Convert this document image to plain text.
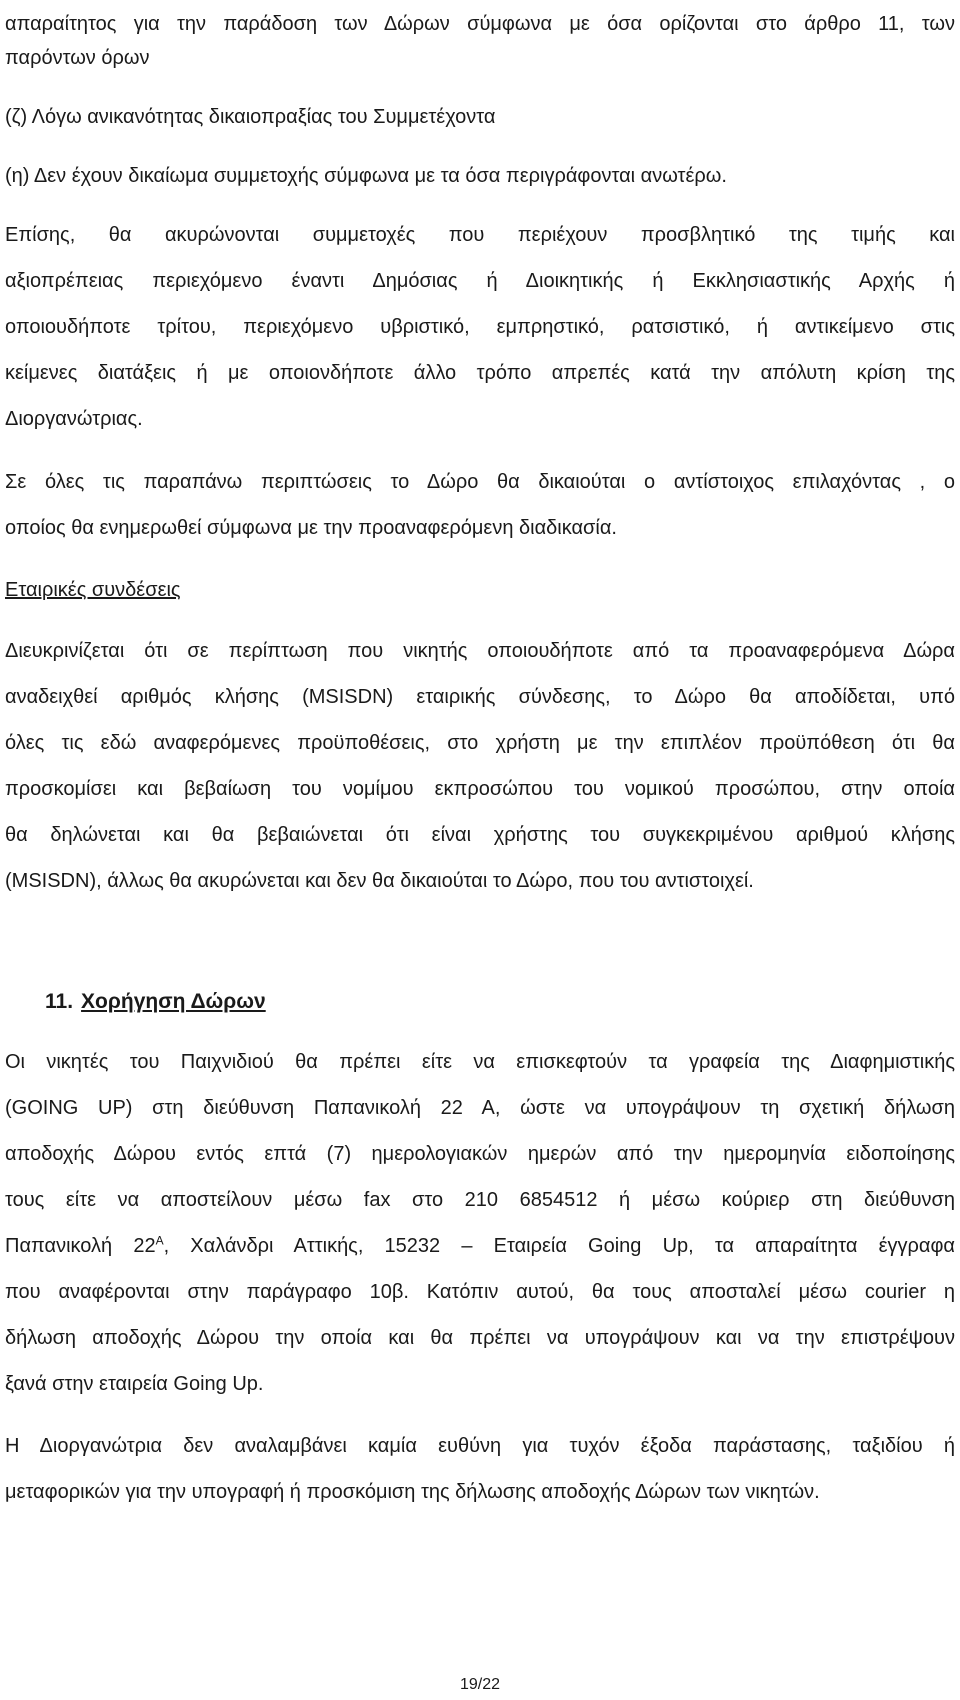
απαραίτητος για την παράδοση των Δώρων σύμφωνα με όσα ορίζονται στο άρθρο 11, των

παρόντων όρων

(ζ) Λόγω ανικανότητας δικαιοπραξίας του Συμμετέχοντα

(η) Δεν έχουν δικαίωμα συμμετοχής σύμφωνα με τα όσα περιγράφονται ανωτέρω.

Επίσης, θα ακυρώνονται συμμετοχές που περιέχουν προσβλητικό της τιμής και

αξιοπρέπειας περιεχόμενο έναντι Δημόσιας ή Διοικητικής ή Εκκλησιαστικής Αρχής ή

οποιουδήποτε τρίτου, περιεχόμενο υβριστικό, εμπρηστικό, ρατσιστικό, ή αντικείμενο στις

κείμενες διατάξεις ή με οποιονδήποτε άλλο τρόπο απρεπές κατά την απόλυτη κρίση της

Διοργανώτριας.

Σε όλες τις παραπάνω περιπτώσεις το Δώρο θα δικαιούται ο αντίστοιχος επιλαχόντας , ο

οποίος θα ενημερωθεί σύμφωνα με την προαναφερόμενη διαδικασία.

Εταιρικές συνδέσεις

Διευκρινίζεται ότι σε περίπτωση που νικητής οποιουδήποτε από τα προαναφερόμενα Δώρα

αναδειχθεί αριθμός κλήσης (MSISDN) εταιρικής σύνδεσης, το Δώρο θα αποδίδεται, υπό

όλες τις εδώ αναφερόμενες προϋποθέσεις, στο χρήστη με την επιπλέον προϋπόθεση ότι θα

προσκομίσει και βεβαίωση του νομίμου εκπροσώπου του νομικού προσώπου, στην οποία

θα δηλώνεται και θα βεβαιώνεται ότι είναι χρήστης του συγκεκριμένου αριθμού κλήσης

(MSISDN), άλλως θα ακυρώνεται και δεν θα δικαιούται το Δώρο, που του αντιστοιχεί.

11. Χορήγηση Δώρων

Οι νικητές του Παιχνιδιού θα πρέπει είτε να επισκεφτούν τα γραφεία της Διαφημιστικής

(GOING UP) στη διεύθυνση Παπανικολή 22 Α, ώστε να υπογράψουν τη σχετική δήλωση

αποδοχής Δώρου εντός επτά (7) ημερολογιακών ημερών από την ημερομηνία ειδοποίησης

τους είτε να αποστείλουν μέσω fax στο 210 6854512 ή μέσω κούριερ στη διεύθυνση

Παπανικολή $22^A$, Χαλάνδρι Αττικής, 15232 – Εταιρεία Going Up, τα απαραίτητα έγγραφα

που αναφέρονται στην παράγραφο 10β. Κατόπιν αυτού, θα τους αποσταλεί μέσω courier η

δήλωση αποδοχής Δώρου την οποία και θα πρέπει να υπογράψουν και να την επιστρέψουν

ξανά στην εταιρεία Going Up.

Η Διοργανώτρια δεν αναλαμβάνει καμία ευθύνη για τυχόν έξοδα παράστασης, ταξιδίου ή

μεταφορικών για την υπογραφή ή προσκόμιση της δήλωσης αποδοχής Δώρων των νικητών.

19/22
